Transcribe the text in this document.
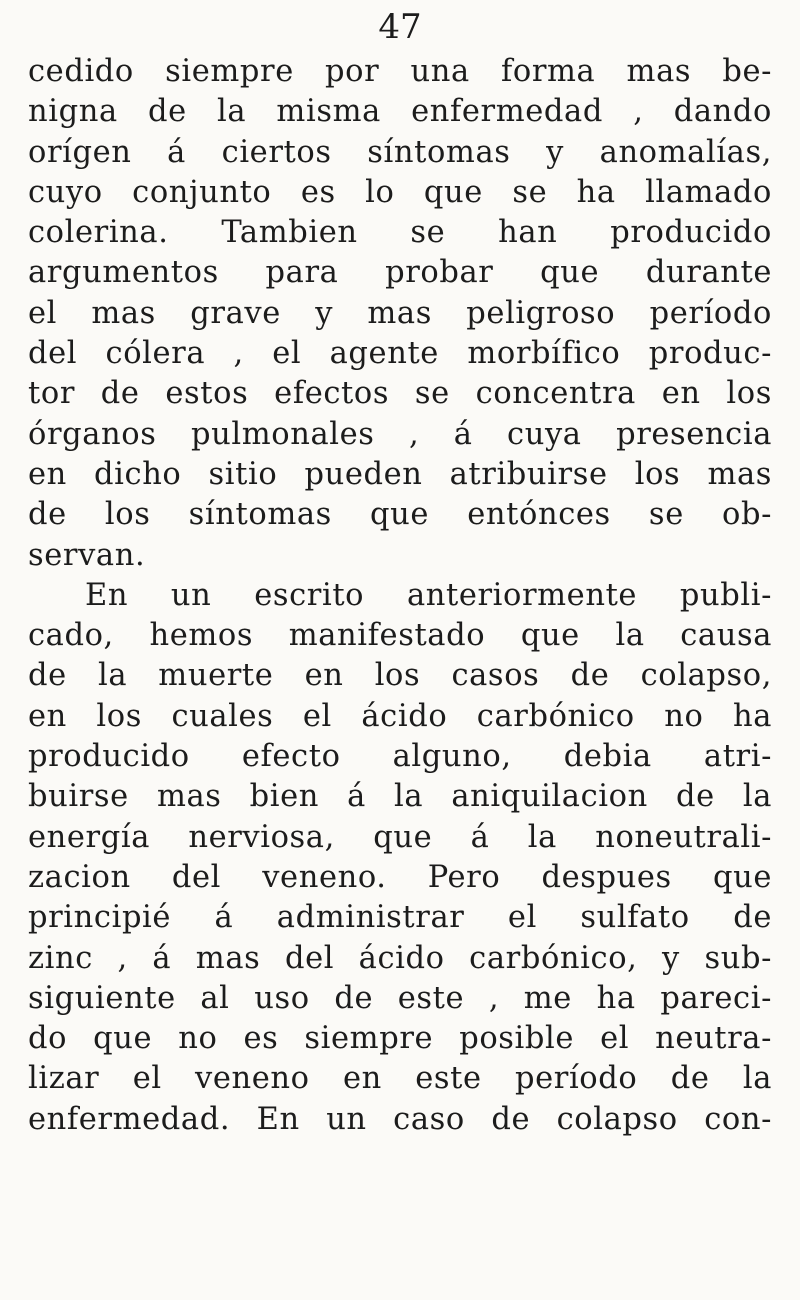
47
cedido siempre por una forma mas be-
nigna de la misma enfermedad , dando
orígen á ciertos síntomas y anomalías,
cuyo conjunto es lo que se ha llamado
colerina. Tambien se han producido
argumentos para probar que durante
el mas grave y mas peligroso período
del cólera , el agente morbífico produc-
tor de estos efectos se concentra en los
órganos pulmonales , á cuya presencia
en dicho sitio pueden atribuirse los mas
de los síntomas que entónces se ob-
servan.
En un escrito anteriormente publi-
cado, hemos manifestado que la causa
de la muerte en los casos de colapso,
en los cuales el ácido carbónico no ha
producido efecto alguno, debia atri-
buirse mas bien á la aniquilacion de la
energía nerviosa, que á la noneutrali-
zacion del veneno. Pero despues que
principié á administrar el sulfato de
zinc , á mas del ácido carbónico, y sub-
siguiente al uso de este , me ha pareci-
do que no es siempre posible el neutra-
lizar el veneno en este período de la
enfermedad. En un caso de colapso con-
